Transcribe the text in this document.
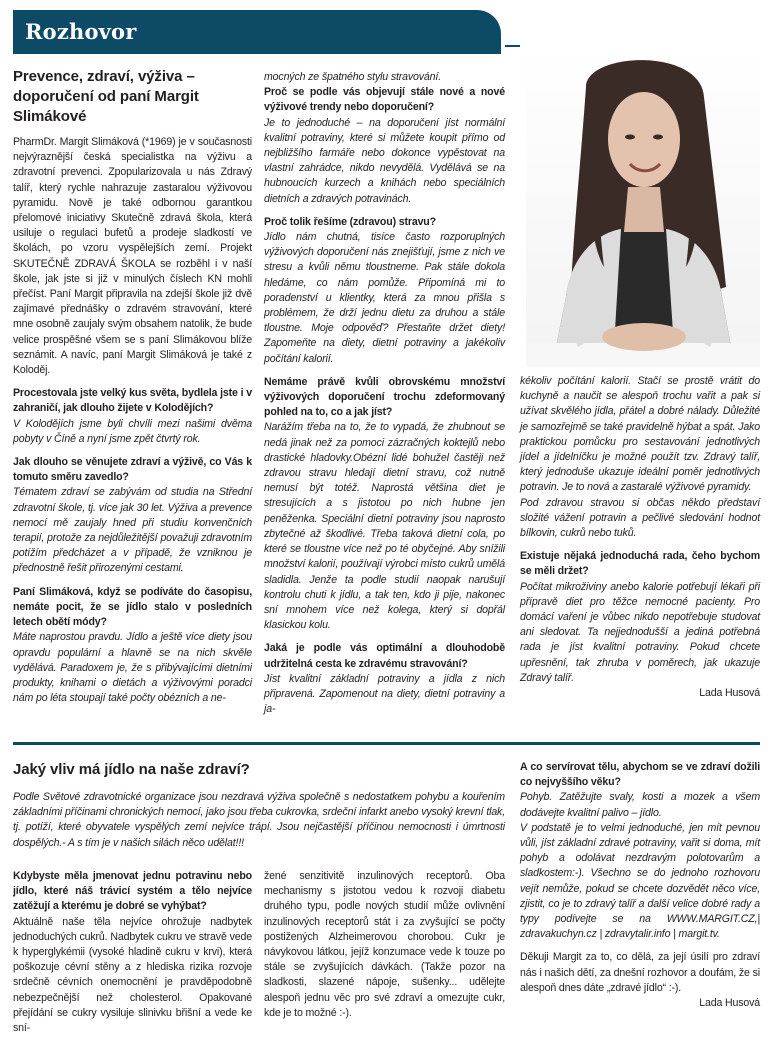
Rozhovor
Prevence, zdraví, výživa – doporučení od paní Margit Slimákové

PharmDr. Margit Slimáková (*1969) je v současnosti nejvýraznější česká specialistka na výživu a zdravotní prevenci. Zpopularizovala u nás Zdravý talíř, který rychle nahrazuje zastaralou výživovou pyramidu. Nově je také odbornou garantkou přelomové iniciativy Skutečně zdravá škola, která usiluje o regulaci bufetů a prodeje sladkostí ve školách, po vzoru vyspělejších zemí. Projekt SKUTEČNĚ ZDRAVÁ ŠKOLA se rozběhl i v naší škole, jak jste si již v minulých číslech KN mohli přečíst. Paní Margit připravila na zdejší škole již dvě zajímavé přednášky o zdravém stravování, které mne osobně zaujaly svým obsahem natolik, že bude velice prospěšné všem se s paní Slimákovou blíže seznámit. A navíc, paní Margit Slimáková je také z Koloděj.

Procestovala jste velký kus světa, bydlela jste i v zahraničí, jak dlouho žijete v Kolodějích?

V Kolodějích jsme byli chvíli mezi našimi dvěma pobyty v Číně a nyní jsme zpět čtvrtý rok.

Jak dlouho se věnujete zdraví a výživě, co Vás k tomuto směru zavedlo?

Tématem zdraví se zabývám od studia na Střední zdravotní škole, tj. více jak 30 let. Výživa a prevence nemocí mě zaujaly hned při studiu konvenčních terapií, protože za nejdůležitější považuji zdravotním potížím předcházet a v případě, že vzniknou je přednostně řešit přirozenými cestami.

Paní Slimáková, když se podíváte do časopisu, nemáte pocit, že se jídlo stalo v posledních letech obětí módy?

Máte naprostou pravdu. Jídlo a ještě více diety jsou opravdu populární a hlavně se na nich skvěle vydělává. Paradoxem je, že s přibývajícími dietními produkty, knihami o dietách a výživovými poradci nám po léta stoupají také počty obézních a ne-

mocných ze špatného stylu stravování.

Proč se podle vás objevují stále nové a nové výživové trendy nebo doporučení?

Je to jednoduché – na doporučení jíst normální kvalitní potraviny, které si můžete koupit přímo od nejbližšího farmáře nebo dokonce vypěstovat na vlastní zahrádce, nikdo nevydělá. Vydělává se na hubnoucích kurzech a knihách nebo speciálních dietních a zdravých potravinách.

Proč tolik řešíme (zdravou) stravu?

Jídlo nám chutná, tisíce často rozporuplných výživových doporučení nás znejišťují, jsme z nich ve stresu a kvůli němu tloustneme. Pak stále dokola hledáme, co nám pomůže. Připomíná mi to poradenství u klientky, která za mnou přišla s problémem, že drží jednu dietu za druhou a stále tloustne. Moje odpověď? Přestaňte držet diety! Zapomeňte na diety, dietní potraviny a jakékoliv počítání kalorií.

Nemáme právě kvůli obrovskému množství výživových doporučení trochu zdeformovaný pohled na to, co a jak jíst?

Narážím třeba na to, že to vypadá, že zhubnout se nedá jinak než za pomoci zázračných koktejlů nebo drastické hladovky.Obézní lidé bohužel častěji než zdravou stravu hledají dietní stravu, což nutně nemusí být totéž. Naprostá většina diet je stresujících a s jistotou po nich hubne jen peněženka. Speciální dietní potraviny jsou naprosto zbytečné až škodlivé. Třeba taková dietní cola, po které se tloustne více než po té obyčejné. Aby snížili množství kalorií, používají výrobci místo cukrů umělá sladidla. Jenže ta podle studií naopak narušují kontrolu chuti k jídlu, a tak ten, kdo ji pije, nakonec sní mnohem více než kolega, který si dopřál klasickou kolu.

Jaká je podle vás optimální a dlouhodobě udržitelná cesta ke zdravému stravování?

Jíst kvalitní základní potraviny a jídla z nich připravená. Zapomenout na diety, dietní potraviny a ja-

kékoliv počítání kalorií. Stačí se prostě vrátit do kuchyně a naučit se alespoň trochu vařit a pak si užívat skvělého jídla, přátel a dobré nálady. Důležité je samozřejmě se také pravidelně hýbat a spát. Jako praktickou pomůcku pro sestavování jednotlivých jídel a jídelníčku je možné použít tzv. Zdravý talíř, který jednoduše ukazuje ideální poměr jednotlivých potravin. Je to nová a zastaralé výživové pyramidy.

Pod zdravou stravou si občas někdo představí složité vážení potravin a pečlivé sledování hodnot bílkovin, cukrů nebo tuků.

Existuje nějaká jednoduchá rada, čeho bychom se měli držet?

Počítat mikroživiny anebo kalorie potřebují lékaři při přípravě diet pro těžce nemocné pacienty. Pro domácí vaření je vůbec nikdo nepotřebuje studovat ani sledovat. Ta nejjednodušší a jediná potřebná rada je jíst kvalitní potraviny. Pokud chcete upřesnění, tak zhruba v poměrech, jak ukazuje Zdravý talíř.

Lada Husová

Jaký vliv má jídlo na naše zdraví?

Podle Světové zdravotnické organizace jsou nezdravá výživa společně s nedostatkem pohybu a kouřením základními příčinami chronických nemocí, jako jsou třeba cukrovka, srdeční infarkt anebo vysoký krevní tlak, tj. potíží, které obyvatele vyspělých zemí nejvíce trápí. Jsou nejčastější příčinou nemocnosti i úmrtnosti dospělých.- A s tím je v našich silách něco udělat!!!

Kdybyste měla jmenovat jednu potravinu nebo jídlo, které náš trávicí systém a tělo nejvíce zatěžují a kterému je dobré se vyhýbat?

Aktuálně naše těla nejvíce ohrožuje nadbytek jednoduchých cukrů. Nadbytek cukru ve stravě vede k hyperglykémii (vysoké hladině cukru v krvi), která poškozuje cévní stěny a z hlediska rizika rozvoje srdečně cévních onemocnění je pravděpodobně nebezpečnější než cholesterol. Opakované přejídání se cukry vysiluje slinivku břišní a vede ke sní-

žené senzitivitě inzulinových receptorů. Oba mechanismy s jistotou vedou k rozvoji diabetu druhého typu, podle nových studií může ovlivnění inzulinových receptorů stát i za zvyšující se počty postižených Alzheimerovou chorobou. Cukr je návykovou látkou, jejíž konzumace vede k touze po stále se zvyšujících dávkách. (Takže pozor na sladkosti, slazené nápoje, sušenky... udělejte alespoň jednu věc pro své zdraví a omezujte cukr, kde je to možné :-).

A co servírovat tělu, abychom se ve zdraví dožili co nejvyššího věku?

Pohyb. Zatěžujte svaly, kosti a mozek a všem dodávejte kvalitní palivo – jídlo.

V podstatě je to velmi jednoduché, jen mít pevnou vůli, jíst základní zdravé potraviny, vařit si doma, mít pohyb a odolávat nezdravým polotovarům a sladkostem:-). Všechno se do jednoho rozhovoru vejít nemůže, pokud se chcete dozvědět něco více, zjistit, co je to zdravý talíř a další velice dobré rady a typy podívejte se na WWW.MARGIT.CZ,| zdravakuchyn.cz | zdravytalir.info | margit.tv.

Děkuji Margit za to, co dělá, za její úsilí pro zdraví nás i našich dětí, za dnešní rozhovor a doufám, že si alespoň dnes dáte „zdravé jídlo“ :-).

Lada Husová
